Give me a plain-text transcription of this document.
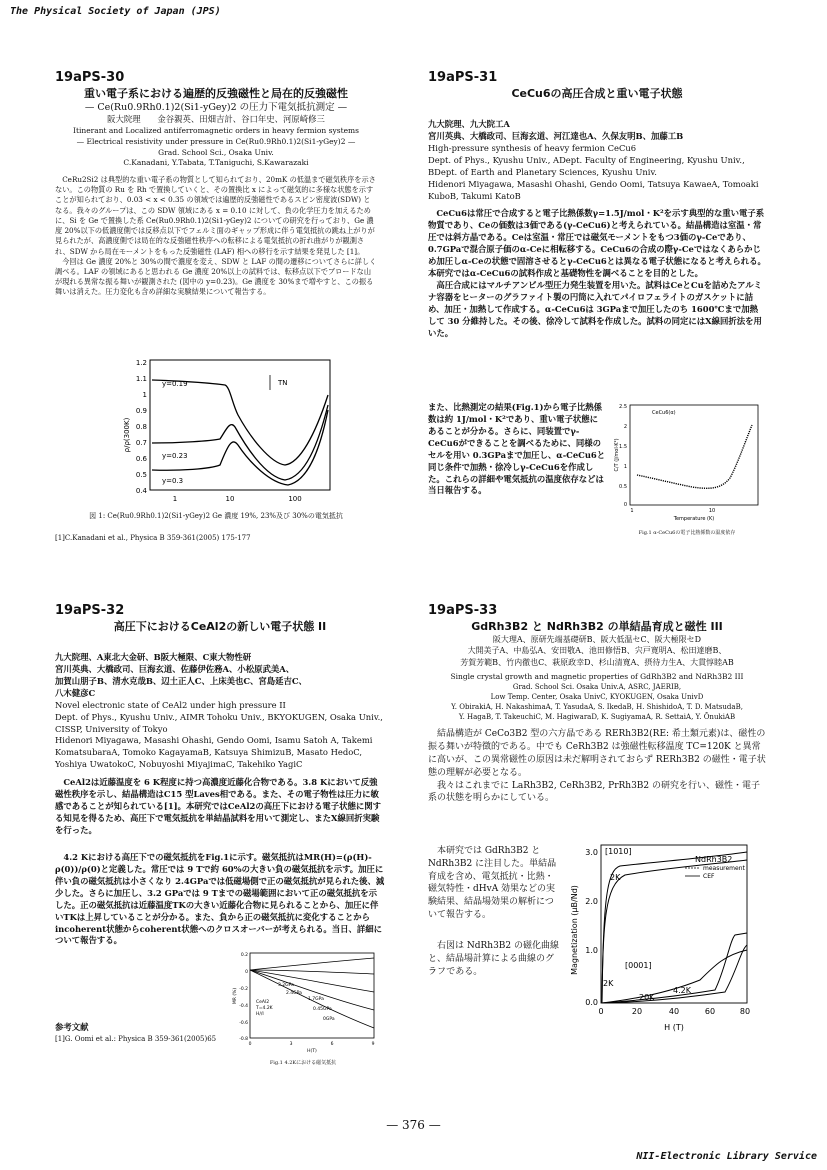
The Physical Society of Japan (JPS)
19aPS-30
重い電子系における遍歴的反強磁性と局在的反強磁性
— Ce(Ru0.9Rh0.1)2(Si1-yGey)2 の圧力下電気抵抗測定 —
阪大院理　　金谷親英、田畑吉計、谷口年史、河原崎修三
Itinerant and Localized antiferromagnetic orders in heavy fermion systems
— Electrical resistivity under pressure in Ce(Ru0.9Rh0.1)2(Si1-yGey)2 —
Grad. School Sci., Osaka Univ.
C.Kanadani, Y.Tabata, T.Taniguchi, S.Kawarazaki

CeRu2Si2 は典型的な重い電子系の物質として知られており、20mK の低温まで磁気秩序を示さない。この物質の Ru を Rh で置換していくと、その置換比 x によって磁気的に多様な状態を示すことが知られており、0.03 < x < 0.35 の領域では遍歴的反強磁性であるスピン密度波(SDW) となる。我々のグループは、この SDW 領域にある x = 0.10 に対して、負の化学圧力を加えるために、Si を Ge で置換した系 Ce(Ru0.9Rh0.1)2(Si1-yGey)2 についての研究を行っており、Ge 濃度 20%以下の低濃度側では反移点以下でフェルミ面のギャップ形成に伴う電気抵抗の跳ね上がりが見られたが、高濃度側では局在的な反強磁性秩序への転移による電気抵抗の折れ曲がりが観測され、SDW から局在モーメントをもった反強磁性 (LAF) 相への移行を示す結果を発見した [1]。

今回は Ge 濃度 20%と 30%の間で濃度を変え、SDW と LAF の間の遷移についてさらに詳しく調べる。LAF の領域にあると思われる Ge 濃度 20%以上の試料では、転移点以下でブロードな山が現れる異常な振る舞いが観測された (図中の y=0.23)。Ge 濃度を 30%まで増やすと、この振る舞いは消えた。圧力変化も含め詳細な実験結果について報告する。

1.2
1.1
1
0.9
0.8
0.7
0.6
0.5
0.4
1	10	100
ρ/ρ(300K)
y=0.19
y=0.23
y=0.3
TN
図 1: Ce(Ru0.9Rh0.1)2(Si1-yGey)2 Ge 濃度 19%, 23%及び 30%の電気抵抗
[1]C.Kanadani et al., Physica B 359-361(2005) 175-177
19aPS-31
CeCu6の高圧合成と重い電子状態

九大院理、九大院工A

宮川英典、大橋政司、巨海玄道、河江達也A、久保友明B、加藤工B

High-pressure synthesis of heavy fermion CeCu6

Dept. of Phys., Kyushu Univ., ADept. Faculty of Engineering, Kyushu Univ., BDept. of Earth and Planetary Sciences, Kyushu Univ.

Hidenori Miyagawa, Masashi Ohashi, Gendo Oomi, Tatsuya KawaeA, Tomoaki KuboB, Takumi KatoB

CeCu6は常圧で合成すると電子比熱係数γ=1.5J/mol・K²を示す典型的な重い電子系物質であり、Ceの価数は3価である(γ-CeCu6)と考えられている。結晶構造は室温・常圧では斜方晶である。Ceは室温・常圧では磁気モーメントをもつ3価のγ-Ceであり、0.7GPaで混合原子価のα-Ceに相転移する。CeCu6の合成の際γ-Ceではなくあらかじめ加圧しα-Ceの状態で固溶させるとγ-CeCu6とは異なる電子状態になると考えられる。本研究ではα-CeCu6の試料作成と基礎物性を調べることを目的とした。

高圧合成にはマルチアンビル型圧力発生装置を用いた。試料はCeとCuを詰めたアルミナ容器をヒーターのグラファイト製の円筒に入れてパイロフェライトのガスケットに詰め、加圧・加熱して作成する。α-CeCu6は 3GPaまで加圧したのち 1600℃まで加熱して 30 分維持した。その後、徐冷して試料を作成した。試料の同定にはX線回折法を用いた。

また、比熱測定の結果(Fig.1)から電子比熱係数は約 1J/mol・K²であり、重い電子状態にあることが分かる。さらに、同装置でγ-CeCu6ができることを調べるために、同様のセルを用い 0.3GPaまで加圧し、α-CeCu6と同じ条件で加熱・徐冷しγ-CeCu6を作成した。これらの詳細や電気抵抗の温度依存などは当日報告する。
CeCu6(α)
2.5
2
1.5
1
0.5
0
1	10
Temperature (K)
C/T (J/mol·K²)
Fig.1 α-CeCu6の電子比熱係数の温度依存
19aPS-32
高圧下におけるCeAl2の新しい電子状態 II

九大院理、A東北大金研、B阪大極限、C東大物性研

宮川英典、大橋政司、巨海玄道、佐藤伊佐務A、小松原武美A、

加賀山朋子B、清水克哉B、辺土正人C、上床美也C、宮島延吉C、

八木健彦C

Novel electronic state of CeAl2 under high pressure II

Dept. of Phys., Kyushu Univ., AIMR Tohoku Univ., BKYOKUGEN, Osaka Univ., CISSP, University of Tokyo

Hidenori Miyagawa, Masashi Ohashi, Gendo Oomi, Isamu Satoh A, Takemi KomatsubaraA, Tomoko KagayamaB, Katsuya ShimizuB, Masato HedoC, Yoshiya UwatokoC, Nobuyoshi MiyajimaC, Takehiko YagiC

CeAl2は近藤温度を 6 K程度に持つ高濃度近藤化合物である。3.8 Kにおいて反強磁性秩序を示し、結晶構造はC15 型Laves相である。また、その電子物性は圧力に敏感であることが知られている[1]。本研究ではCeAl2の高圧下における電子状態に関する知見を得るため、高圧下で電気抵抗を単結晶試料を用いて測定し、またX線回折実験を行った。

4.2 Kにおける高圧下での磁気抵抗をFig.1に示す。磁気抵抗はMR(H)=(ρ(H)-ρ(0))/ρ(0)と定義した。常圧では 9 Tで約 60%の大きい負の磁気抵抗を示す。加圧に伴い負の磁気抵抗は小さくなり 2.4GPaでは低磁場側で正の磁気抵抗が見られた後、減少した。さらに加圧し、3.2 GPaでは 9 Tまでの磁場範囲において正の磁気抵抗を示した。正の磁気抵抗は近藤温度TKの大きい近藤化合物に見られることから、加圧に伴いTKは上昇していることが分かる。また、負から正の磁気抵抗に変化することからincoherent状態からcoherent状態へのクロスオーバーが考えられる。当日、詳細について報告する。
0.2
0
-0.2
-0.4
-0.6
-0.8
0	3	6	9
H(T)
MR (%)	CeAl2
T=4.2K
H//I
3.2GPa
2.4GPa
1.7GPa
0.45GPa
0GPa
Fig.1 4.2Kにおける磁気抵抗
参考文献
[1]G. Oomi et al.: Physica B 359-361(2005)65
19aPS-33
GdRh3B2 と NdRh3B2 の単結晶育成と磁性 III
阪大理A、原研先端基礎研B、阪大低温セC、阪大極限セD
大開美子A、中島弘A、安田敬A、池田修悟B、宍戸寛明A、松田達磨B、
芳賀芳範B、竹内徹也C、萩原政幸D、杉山清寛A、摂待力生A、大貫惇睦AB
Single crystal growth and magnetic properties of GdRh3B2 and NdRh3B2 III
Grad. School Sci. Osaka Univ.A, ASRC, JAERIB,
Low Temp. Center, Osaka UnivC, KYOKUGEN, Osaka UnivD
Y. ObirakiA, H. NakashimaA, T. YasudaA, S. IkedaB, H. ShishidoA, T. D. MatsudaB,
Y. HagaB, T. TakeuchiC, M. HagiwaraD, K. SugiyamaA, R. SettaiA, Y. ŌnukiAB

結晶構造が CeCo3B2 型の六方晶である RERh3B2(RE: 希土類元素)は、磁性の振る舞いが特徴的である。中でも CeRh3B2 は強磁性転移温度 TC=120K と異常に高いが、この異常磁性の原因は未だ解明されておらず RERh3B2 の磁性・電子状態の理解が必要となる。

我々はこれまでに LaRh3B2, CeRh3B2, PrRh3B2 の研究を行い、磁性・電子系の状態を明らかにしている。

本研究では GdRh3B2 と NdRh3B2 に注目した。単結晶育成を含め、電気抵抗・比熱・磁気特性・dHvA 効果などの実験結果、結晶場効果の解析について報告する。
右図は NdRh3B2 の磁化曲線と、結晶場計算による曲線のグラフである。
3.0
2.0
1.0
0.0
0	20	40	60	80
H (T)
Magnetization (μB/Nd)
NdRh3B2
[1010]
2K
[0001]
2K
20K
4.2K
measurement
CEF
— 376 —
NII-Electronic Library Service
